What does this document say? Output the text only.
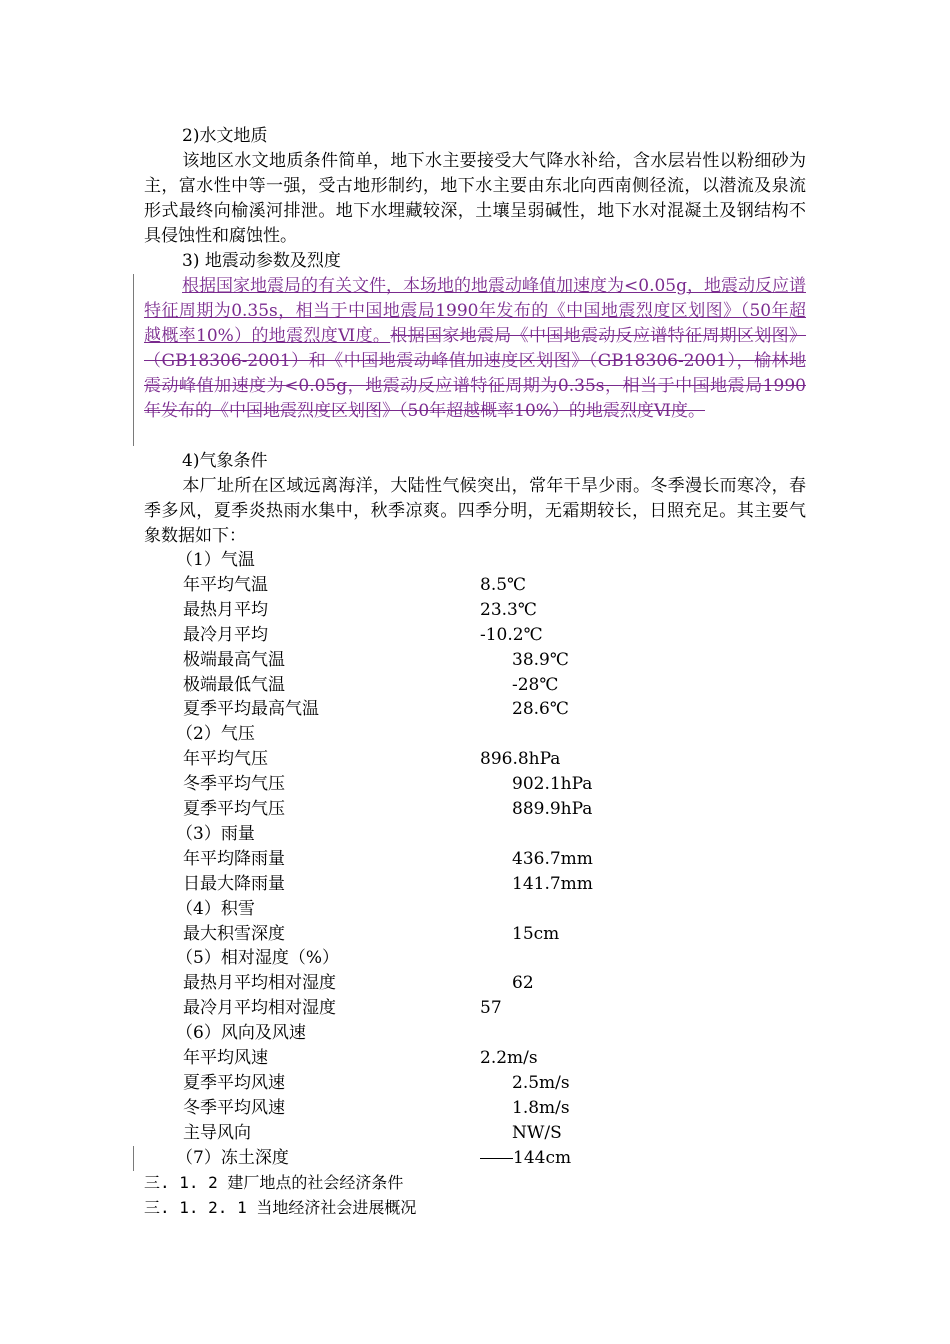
2)水文地质
该地区水文地质条件简单，地下水主要接受大气降水补给，含水层岩性以粉细砂为主，富水性中等一强，受古地形制约，地下水主要由东北向西南侧径流，以潜流及泉流形式最终向榆溪河排泄。地下水埋藏较深，土壤呈弱碱性，地下水对混凝土及钢结构不具侵蚀性和腐蚀性。
3) 地震动参数及烈度
根据国家地震局的有关文件，本场地的地震动峰值加速度为<0.05g，地震动反应谱特征周期为0.35s，相当于中国地震局1990年发布的《中国地震烈度区划图》（50年超越概率10%）的地震烈度Ⅵ度。根据国家地震局《中国地震动反应谱特征周期区划图》（GB18306-2001）和《中国地震动峰值加速度区划图》（GB18306-2001），榆林地震动峰值加速度为<0.05g，地震动反应谱特征周期为0.35s，相当于中国地震局1990年发布的《中国地震烈度区划图》（50年超越概率10%）的地震烈度Ⅵ度。
4)气象条件
本厂址所在区域远离海洋，大陆性气候突出，常年干旱少雨。冬季漫长而寒冷，春季多风，夏季炎热雨水集中，秋季凉爽。四季分明，无霜期较长，日照充足。其主要气象数据如下：
（1）气温
年平均气温	8.5℃
最热月平均	23.3℃
最冷月平均	-10.2℃
极端最高气温	38.9℃
极端最低气温	-28℃
夏季平均最高气温	28.6℃
（2）气压
年平均气压	896.8hPa
冬季平均气压	902.1hPa
夏季平均气压	889.9hPa
（3）雨量
年平均降雨量	436.7mm
日最大降雨量	141.7mm
（4）积雪
最大积雪深度	15cm
（5）相对湿度（%）
最热月平均相对湿度	62
最冷月平均相对湿度	57
（6）风向及风速
年平均风速	2.2m/s
夏季平均风速	2.5m/s
冬季平均风速	1.8m/s
主导风向	NW/S
（7）冻土深度	144cm
三. 1. 2 建厂地点的社会经济条件
三. 1. 2. 1 当地经济社会进展概况
